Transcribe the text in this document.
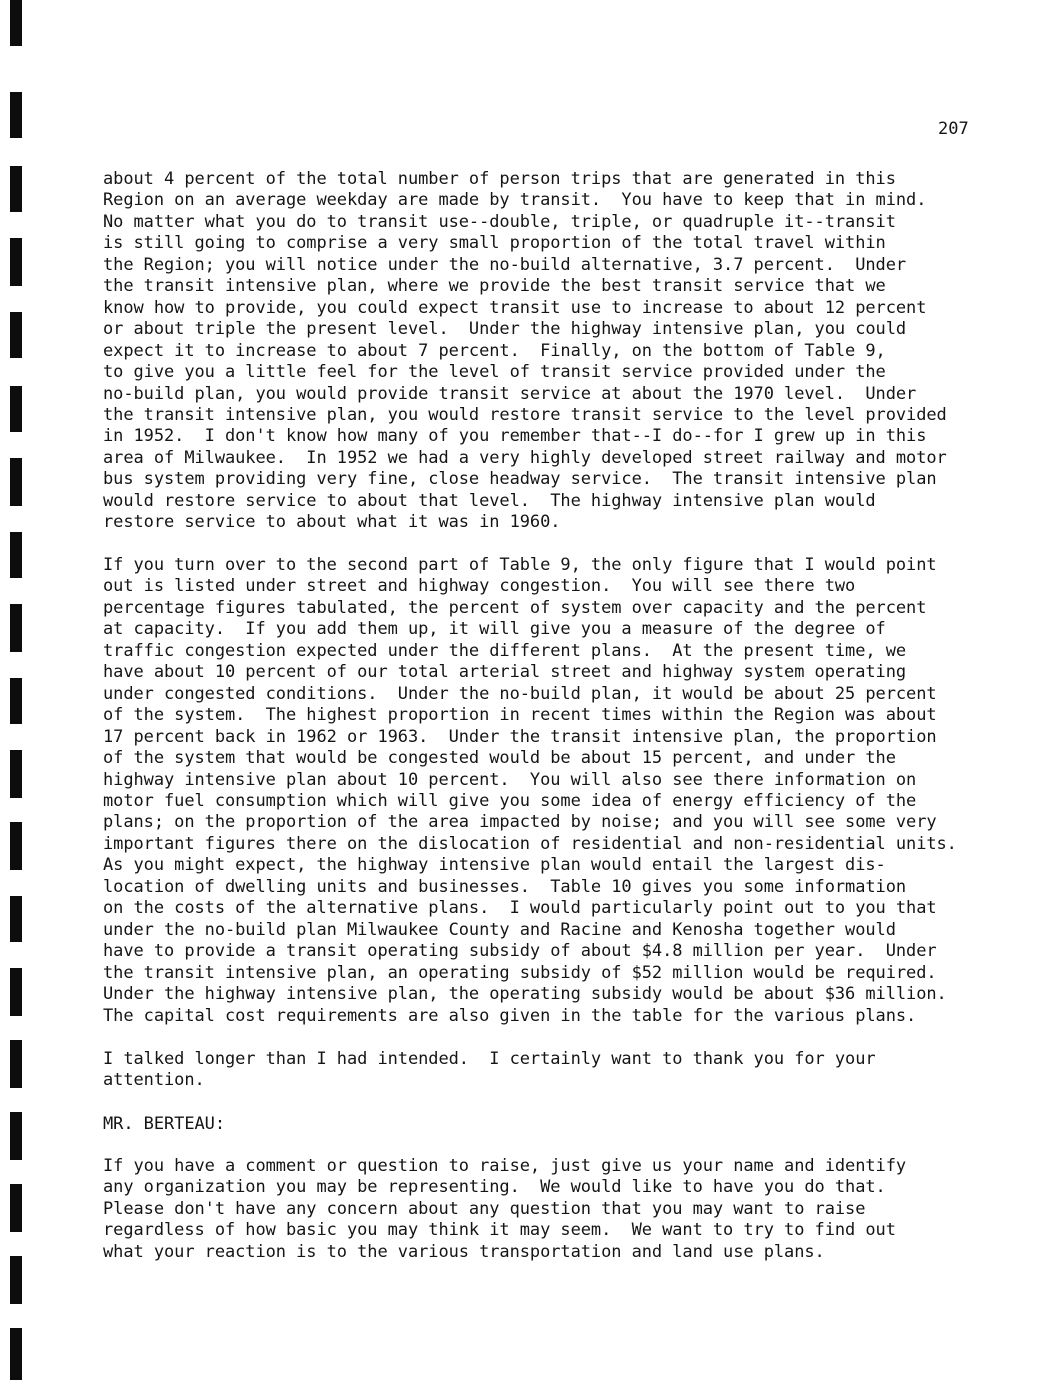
207

about 4 percent of the total number of person trips that are generated in this
Region on an average weekday are made by transit.  You have to keep that in mind.
No matter what you do to transit use--double, triple, or quadruple it--transit
is still going to comprise a very small proportion of the total travel within
the Region; you will notice under the no-build alternative, 3.7 percent.  Under
the transit intensive plan, where we provide the best transit service that we
know how to provide, you could expect transit use to increase to about 12 percent
or about triple the present level.  Under the highway intensive plan, you could
expect it to increase to about 7 percent.  Finally, on the bottom of Table 9,
to give you a little feel for the level of transit service provided under the
no-build plan, you would provide transit service at about the 1970 level.  Under
the transit intensive plan, you would restore transit service to the level provided
in 1952.  I don't know how many of you remember that--I do--for I grew up in this
area of Milwaukee.  In 1952 we had a very highly developed street railway and motor
bus system providing very fine, close headway service.  The transit intensive plan
would restore service to about that level.  The highway intensive plan would
restore service to about what it was in 1960.

If you turn over to the second part of Table 9, the only figure that I would point
out is listed under street and highway congestion.  You will see there two
percentage figures tabulated, the percent of system over capacity and the percent
at capacity.  If you add them up, it will give you a measure of the degree of
traffic congestion expected under the different plans.  At the present time, we
have about 10 percent of our total arterial street and highway system operating
under congested conditions.  Under the no-build plan, it would be about 25 percent
of the system.  The highest proportion in recent times within the Region was about
17 percent back in 1962 or 1963.  Under the transit intensive plan, the proportion
of the system that would be congested would be about 15 percent, and under the
highway intensive plan about 10 percent.  You will also see there information on
motor fuel consumption which will give you some idea of energy efficiency of the
plans; on the proportion of the area impacted by noise; and you will see some very
important figures there on the dislocation of residential and non-residential units.
As you might expect, the highway intensive plan would entail the largest dis-
location of dwelling units and businesses.  Table 10 gives you some information
on the costs of the alternative plans.  I would particularly point out to you that
under the no-build plan Milwaukee County and Racine and Kenosha together would
have to provide a transit operating subsidy of about $4.8 million per year.  Under
the transit intensive plan, an operating subsidy of $52 million would be required.
Under the highway intensive plan, the operating subsidy would be about $36 million.
The capital cost requirements are also given in the table for the various plans.

I talked longer than I had intended.  I certainly want to thank you for your
attention.

MR. BERTEAU:

If you have a comment or question to raise, just give us your name and identify
any organization you may be representing.  We would like to have you do that.
Please don't have any concern about any question that you may want to raise
regardless of how basic you may think it may seem.  We want to try to find out
what your reaction is to the various transportation and land use plans.
